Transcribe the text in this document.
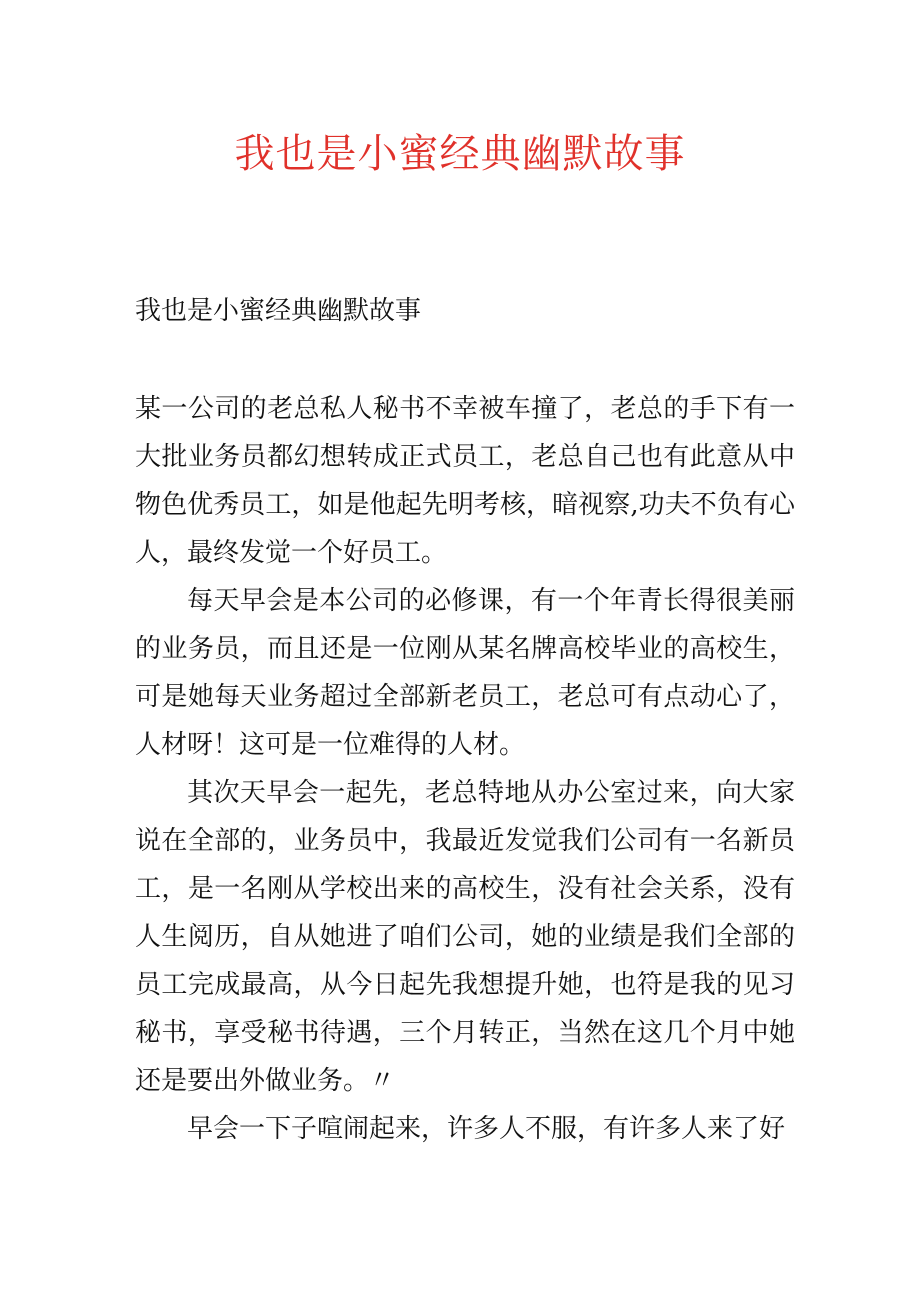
我也是小蜜经典幽默故事
我也是小蜜经典幽默故事

某一公司的老总私人秘书不幸被车撞了，老总的手下有一大批业务员都幻想转成正式员工，老总自己也有此意从中物色优秀员工，如是他起先明考核，暗视察,功夫不负有心人，最终发觉一个好员工。

每天早会是本公司的必修课，有一个年青长得很美丽的业务员，而且还是一位刚从某名牌高校毕业的高校生，可是她每天业务超过全部新老员工，老总可有点动心了，人材呀！这可是一位难得的人材。

其次天早会一起先，老总特地从办公室过来，向大家说在全部的，业务员中，我最近发觉我们公司有一名新员工，是一名刚从学校出来的高校生，没有社会关系，没有人生阅历，自从她进了咱们公司，她的业绩是我们全部的员工完成最高，从今日起先我想提升她，也符是我的见习秘书，享受秘书待遇，三个月转正，当然在这几个月中她还是要出外做业务。〃

早会一下子喧闹起来，许多人不服，有许多人来了好
